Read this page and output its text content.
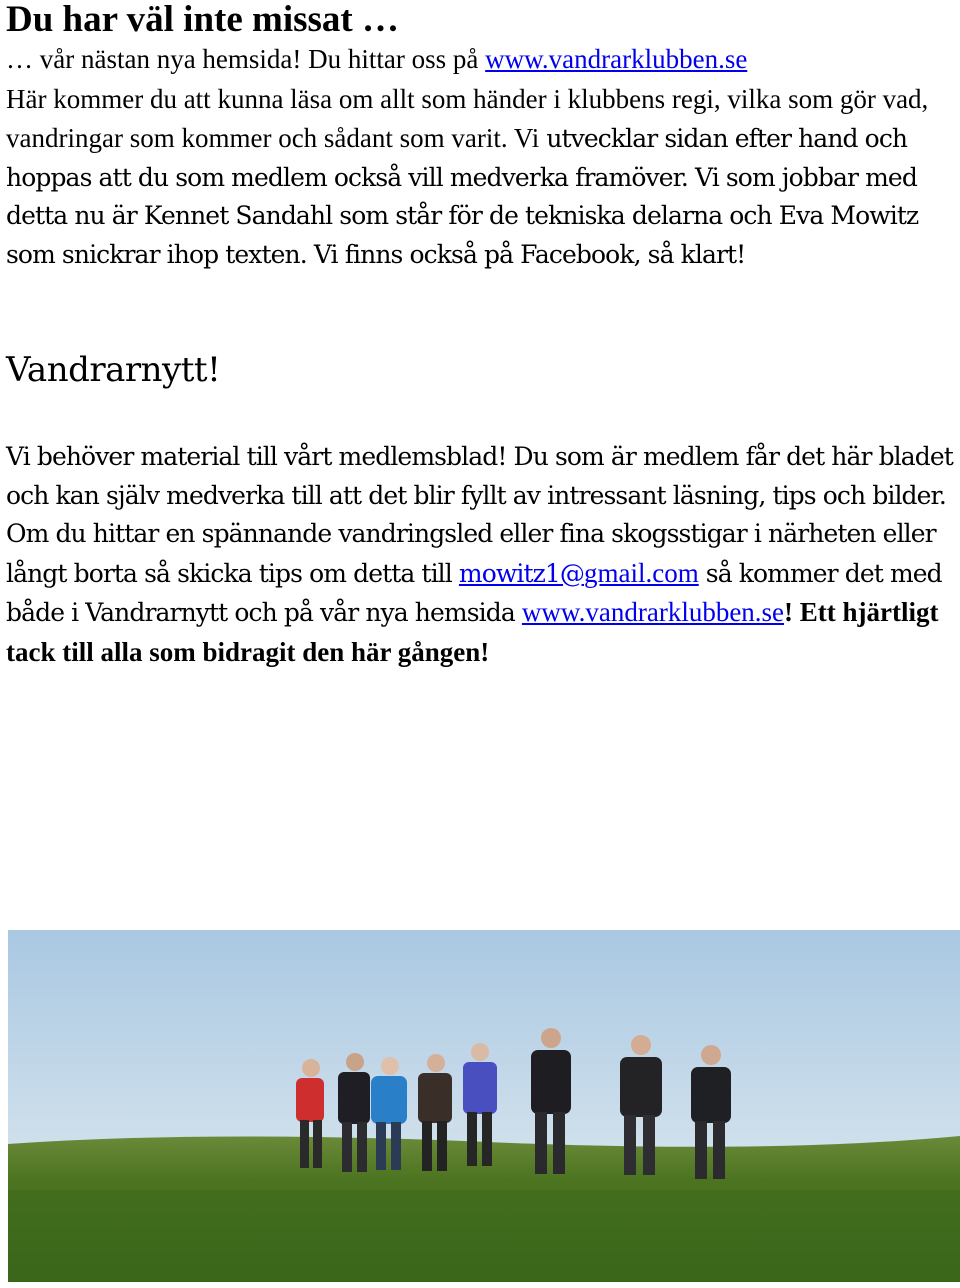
Du har väl inte missat …

… vår nästan nya hemsida! Du hittar oss på www.vandrarklubben.se
Här kommer du att kunna läsa om allt som händer i klubbens regi, vilka som gör vad, vandringar som kommer och sådant som varit. Vi utvecklar sidan efter hand och hoppas att du som medlem också vill medverka framöver. Vi som jobbar med detta nu är Kennet Sandahl som står för de tekniska delarna och Eva Mowitz som snickrar ihop texten. Vi finns också på Facebook, så klart!

Vandrarnytt!

Vi behöver material till vårt medlemsblad! Du som är medlem får det här bladet och kan själv medverka till att det blir fyllt av intressant läsning, tips och bilder. Om du hittar en spännande vandringsled eller fina skogsstigar i närheten eller långt borta så skicka tips om detta till mowitz1@gmail.com så kommer det med både i Vandrarnytt och på vår nya hemsida www.vandrarklubben.se! Ett hjärtligt tack till alla som bidragit den här gången!
